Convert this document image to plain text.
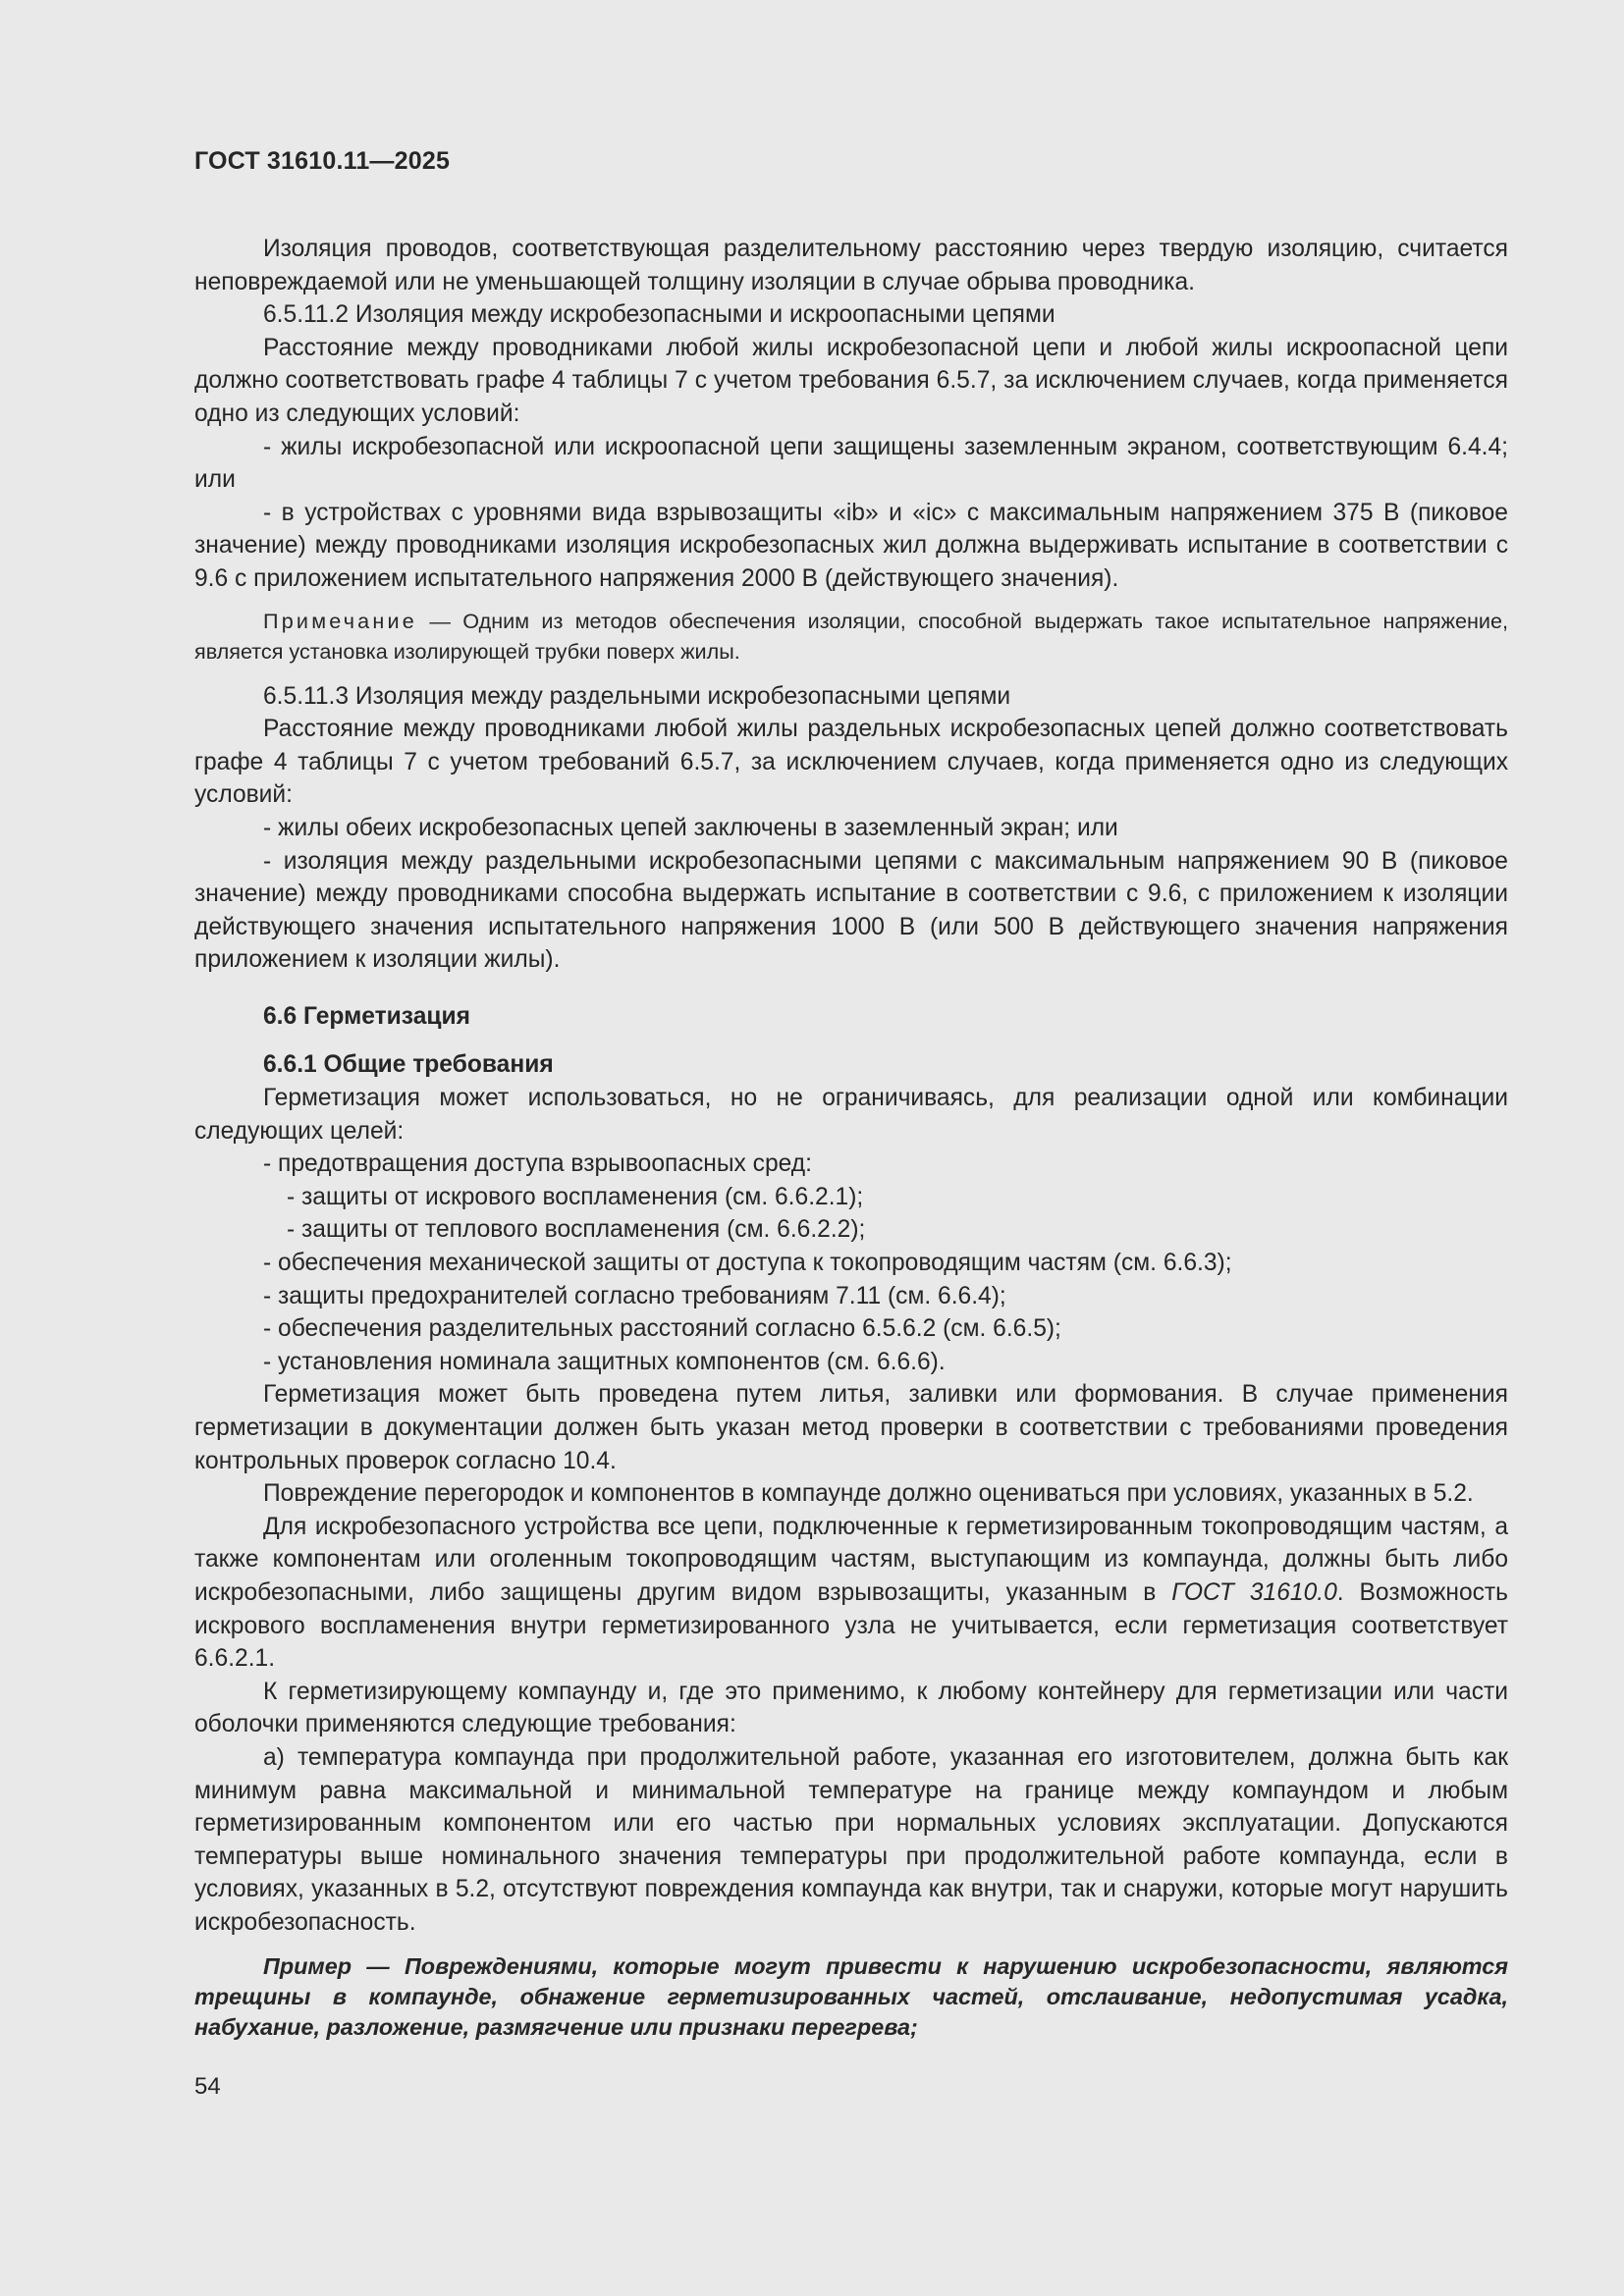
ГОСТ 31610.11—2025

Изоляция проводов, соответствующая разделительному расстоянию через твердую изоляцию, считается неповреждаемой или не уменьшающей толщину изоляции в случае обрыва проводника.

6.5.11.2 Изоляция между искробезопасными и искроопасными цепями

Расстояние между проводниками любой жилы искробезопасной цепи и любой жилы искроопасной цепи должно соответствовать графе 4 таблицы 7 с учетом требования 6.5.7, за исключением случаев, когда применяется одно из следующих условий:

- жилы искробезопасной или искроопасной цепи защищены заземленным экраном, соответствующим 6.4.4; или

- в устройствах с уровнями вида взрывозащиты «ib» и «ic» с максимальным напряжением 375 В (пиковое значение) между проводниками изоляция искробезопасных жил должна выдерживать испытание в соответствии с 9.6 с приложением испытательного напряжения 2000 В (действующего значения).

Примечание — Одним из методов обеспечения изоляции, способной выдержать такое испытательное напряжение, является установка изолирующей трубки поверх жилы.

6.5.11.3 Изоляция между раздельными искробезопасными цепями

Расстояние между проводниками любой жилы раздельных искробезопасных цепей должно соответствовать графе 4 таблицы 7 с учетом требований 6.5.7, за исключением случаев, когда применяется одно из следующих условий:

- жилы обеих искробезопасных цепей заключены в заземленный экран; или

- изоляция между раздельными искробезопасными цепями с максимальным напряжением 90 В (пиковое значение) между проводниками способна выдержать испытание в соответствии с 9.6, с приложением к изоляции действующего значения испытательного напряжения 1000 В (или 500 В действующего значения напряжения приложением к изоляции жилы).

6.6 Герметизация

6.6.1 Общие требования

Герметизация может использоваться, но не ограничиваясь, для реализации одной или комбинации следующих целей:

- предотвращения доступа взрывоопасных сред:

- защиты от искрового воспламенения (см. 6.6.2.1);

- защиты от теплового воспламенения (см. 6.6.2.2);

- обеспечения механической защиты от доступа к токопроводящим частям (см. 6.6.3);

- защиты предохранителей согласно требованиям 7.11 (см. 6.6.4);

- обеспечения разделительных расстояний согласно 6.5.6.2 (см. 6.6.5);

- установления номинала защитных компонентов (см. 6.6.6).

Герметизация может быть проведена путем литья, заливки или формования. В случае применения герметизации в документации должен быть указан метод проверки в соответствии с требованиями проведения контрольных проверок согласно 10.4.

Повреждение перегородок и компонентов в компаунде должно оцениваться при условиях, указанных в 5.2.

Для искробезопасного устройства все цепи, подключенные к герметизированным токопроводящим частям, а также компонентам или оголенным токопроводящим частям, выступающим из компаунда, должны быть либо искробезопасными, либо защищены другим видом взрывозащиты, указанным в ГОСТ 31610.0. Возможность искрового воспламенения внутри герметизированного узла не учитывается, если герметизация соответствует 6.6.2.1.

К герметизирующему компаунду и, где это применимо, к любому контейнеру для герметизации или части оболочки применяются следующие требования:

а) температура компаунда при продолжительной работе, указанная его изготовителем, должна быть как минимум равна максимальной и минимальной температуре на границе между компаундом и любым герметизированным компонентом или его частью при нормальных условиях эксплуатации. Допускаются температуры выше номинального значения температуры при продолжительной работе компаунда, если в условиях, указанных в 5.2, отсутствуют повреждения компаунда как внутри, так и снаружи, которые могут нарушить искробезопасность.

Пример — Повреждениями, которые могут привести к нарушению искробезопасности, являются трещины в компаунде, обнажение герметизированных частей, отслаивание, недопустимая усадка, набухание, разложение, размягчение или признаки перегрева;

54
